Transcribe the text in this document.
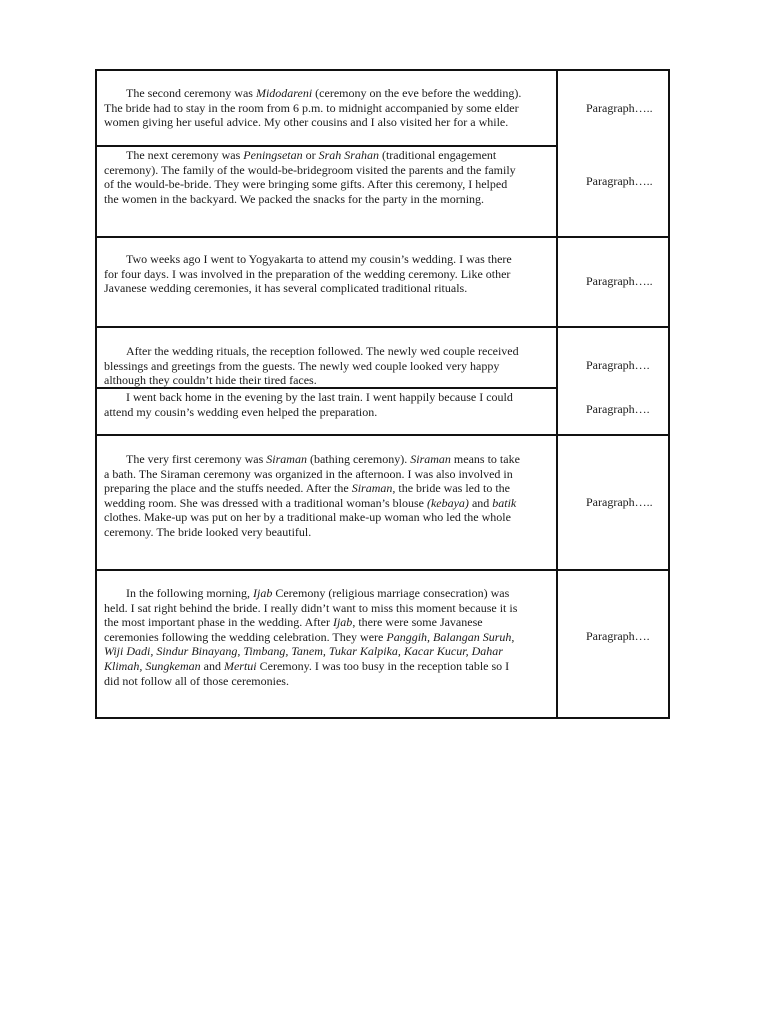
The second ceremony was Midodareni (ceremony on the eve before the wedding). The bride had to stay in the room from 6 p.m. to midnight accompanied by some elder women giving her useful advice. My other cousins and I also visited her for a while.

The next ceremony was Peningsetan or Srah Srahan (traditional engagement ceremony). The family of the would-be-bridegroom visited the parents and the family of the would-be-bride. They were bringing some gifts. After this ceremony, I helped the women in the backyard. We packed the snacks for the party in the morning.

Two weeks ago I went to Yogyakarta to attend my cousin’s wedding. I was there for four days. I was involved in the preparation of the wedding ceremony. Like other Javanese wedding ceremonies, it has several complicated traditional rituals.

After the wedding rituals, the reception followed. The newly wed couple received blessings and greetings from the guests. The newly wed couple looked very happy although they couldn’t hide their tired faces.

I went back home in the evening by the last train. I went happily because I could attend my cousin’s wedding even helped the preparation.

The very first ceremony was Siraman (bathing ceremony). Siraman means to take a bath. The Siraman ceremony was organized in the afternoon. I was also involved in preparing the place and the stuffs needed. After the Siraman, the bride was led to the wedding room. She was dressed with a traditional woman’s blouse (kebaya) and batik clothes. Make-up was put on her by a traditional make-up woman who led the whole ceremony. The bride looked very beautiful.

In the following morning, Ijab Ceremony (religious marriage consecration) was held. I sat right behind the bride. I really didn’t want to miss this moment because it is the most important phase in the wedding. After Ijab, there were some Javanese ceremonies following the wedding celebration. They were Panggih, Balangan Suruh, Wiji Dadi, Sindur Binayang, Timbang, Tanem, Tukar Kalpika, Kacar Kucur, Dahar Klimah, Sungkeman and Mertui Ceremony. I was too busy in the reception table so I did not follow all of those ceremonies.

Paragraph…..

Paragraph…..

Paragraph…..

Paragraph….

Paragraph….

Paragraph…..

Paragraph….
